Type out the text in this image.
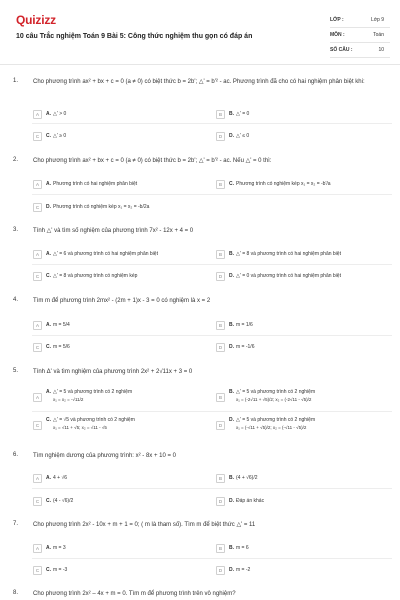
Quizizz
10 câu Trắc nghiệm Toán 9 Bài 5: Công thức nghiệm thu gọn có đáp án
LỚP :	Lớp 9
MÔN :	Toán
SỐ CÂU :	10
1. Cho phương trình ax² + bx + c = 0 (a ≠ 0) có biệt thức b = 2b'; △' = b'² - ac. Phương trình đã cho có hai nghiệm phân biệt khi:
A	A. △' > 0	B	B. △' = 0
C	C. △' ≥ 0	D	D. △' ≤ 0
2. Cho phương trình ax² + bx + c = 0 (a ≠ 0) có biệt thức b = 2b'; △' = b'² - ac. Nếu △' = 0 thì:
A	A. Phương trình có hai nghiệm phân biệt	B	C. Phương trình có nghiệm kép x₁ = x₂ = -b'/a
C	D. Phương trình có nghiệm kép x₁ = x₂ = -b/2a
3. Tính △' và tìm số nghiệm của phương trình 7x² - 12x + 4 = 0
A	A. △' = 6 và phương trình có hai nghiệm phân biệt	B	B. △' = 8 và phương trình có hai nghiệm phân biệt
C	C. △' = 8 và phương trình có nghiệm kép	D	D. △' = 0 và phương trình có hai nghiệm phân biệt
4. Tìm m để phương trình 2mx² - (2m + 1)x - 3 = 0 có nghiệm là x = 2
A	A. m = 5/4	B	B. m = 1/6
C	C. m = 5/6	D	D. m = -1/6
5. Tính Δ' và tìm nghiệm của phương trình 2x² + 2√11x + 3 = 0
A
A. △' = 5 và phương trình có 2 nghiệm
x₁ = x₂ = -√11/2	B
B. △' = 5 và phương trình có 2 nghiệm
x₁ = (-2√11 + √5)/2; x₂ = (-2√11 - √5)/2
C
C. △' = √5 và phương trình có 2 nghiệm
x₁ = √11 + √5; x₂ = √11 - √5	D
D. △' = 5 và phương trình có 2 nghiệm
x₁ = (-√11 + √5)/2; x₂ = (-√11 - √5)/2
6. Tìm nghiệm dương của phương trình: x² - 8x + 10 = 0
A	A. 4 + √6	B	B. (4 + √6)/2
C	C. (4 - √6)/2	D	D. Đáp án khác
7. Cho phương trình 2x² - 10x + m + 1 = 0; ( m là tham số). Tìm m để biệt thức △' = 11
A	A. m = 3	B	B. m = 6
C	C. m = -3	D	D. m = -2
8. Cho phương trình 2x² – 4x + m = 0. Tìm m để phương trình trên vô nghiệm?
